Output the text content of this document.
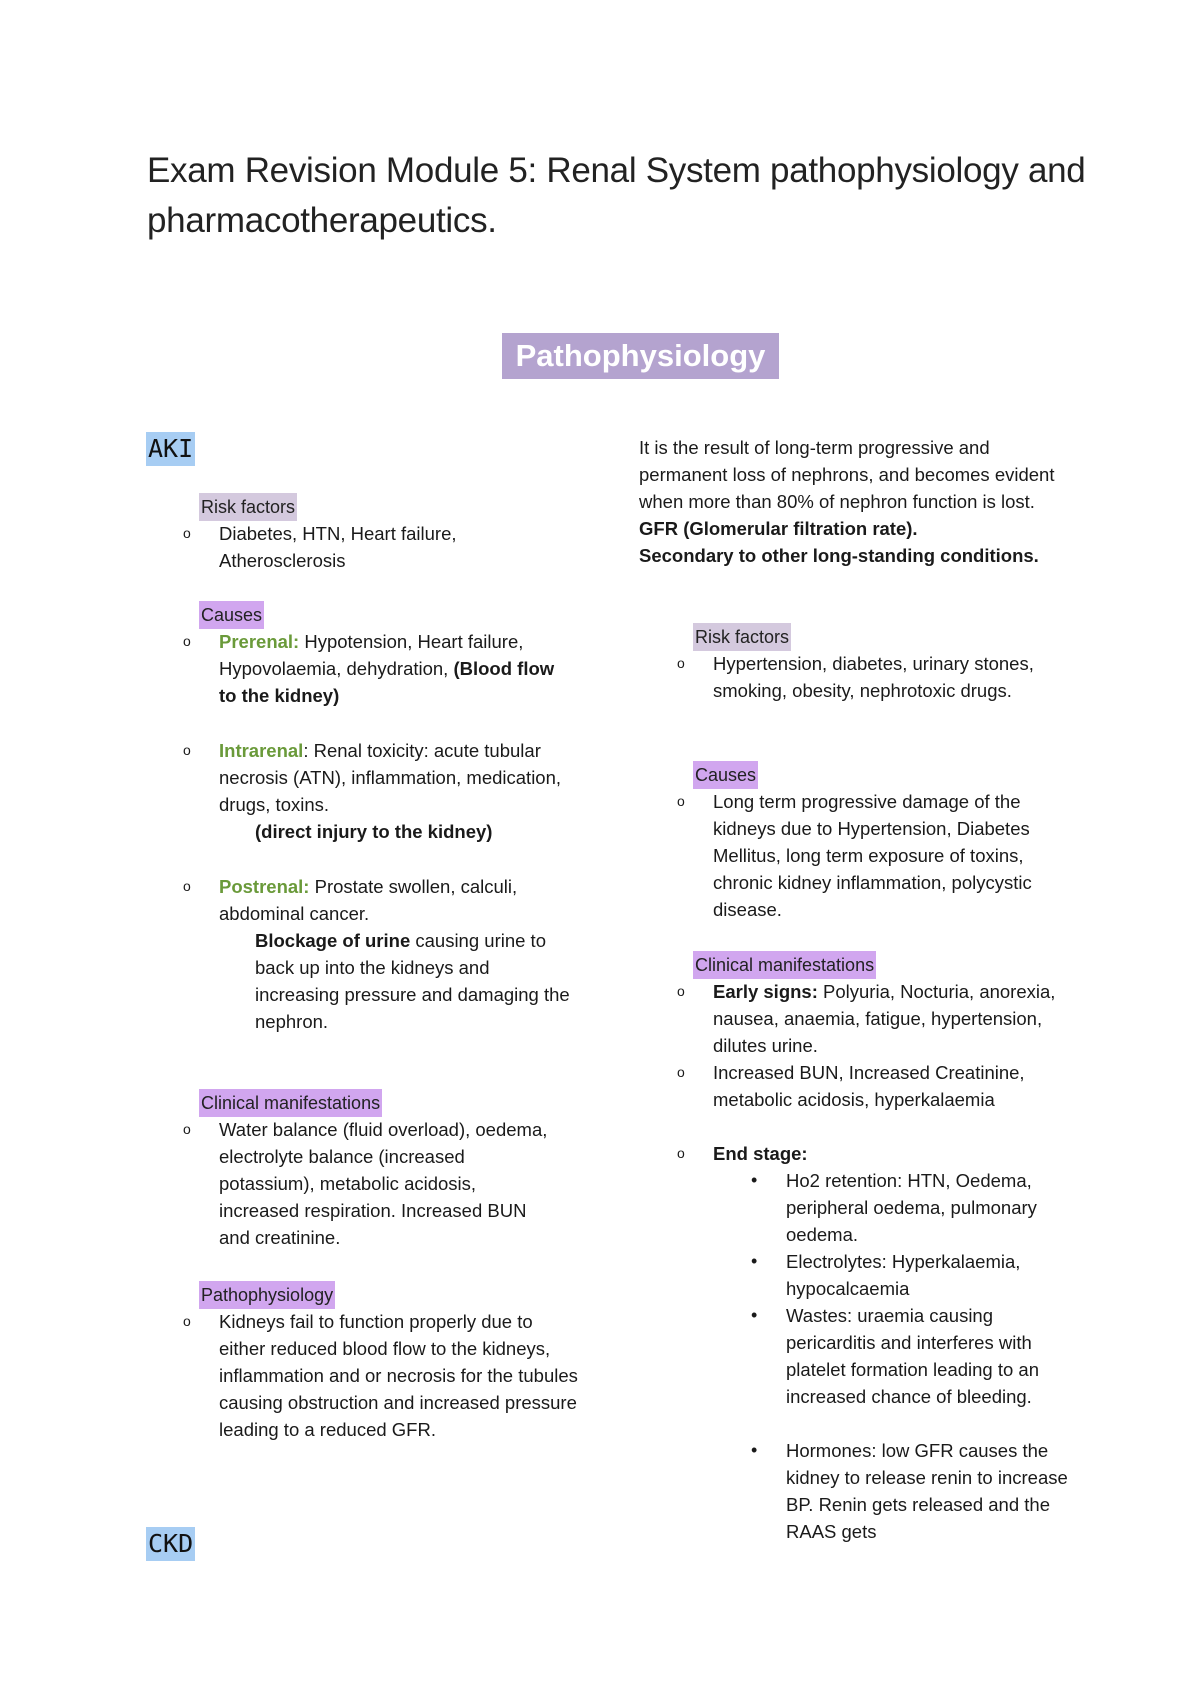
Exam Revision Module 5: Renal System pathophysiology and pharmacotherapeutics.
Pathophysiology
AKI
Risk factors
o Diabetes, HTN, Heart failure, Atherosclerosis
Causes
o Prerenal: Hypotension, Heart failure, Hypovolaemia, dehydration, (Blood flow to the kidney)
o Intrarenal: Renal toxicity: acute tubular necrosis (ATN), inflammation, medication, drugs, toxins.
(direct injury to the kidney)
o Postrenal: Prostate swollen, calculi, abdominal cancer.
Blockage of urine causing urine to back up into the kidneys and increasing pressure and damaging the nephron.
Clinical manifestations
o Water balance (fluid overload), oedema, electrolyte balance (increased potassium), metabolic acidosis, increased respiration. Increased BUN and creatinine.
Pathophysiology
o Kidneys fail to function properly due to either reduced blood flow to the kidneys, inflammation and or necrosis for the tubules causing obstruction and increased pressure leading to a reduced GFR.
CKD
It is the result of long-term progressive and permanent loss of nephrons, and becomes evident when more than 80% of nephron function is lost. GFR (Glomerular filtration rate).
Secondary to other long-standing conditions.
Risk factors
o Hypertension, diabetes, urinary stones, smoking, obesity, nephrotoxic drugs.
Causes
o Long term progressive damage of the kidneys due to Hypertension, Diabetes Mellitus, long term exposure of toxins, chronic kidney inflammation, polycystic disease.
Clinical manifestations
o Early signs: Polyuria, Nocturia, anorexia, nausea, anaemia, fatigue, hypertension, dilutes urine.
o Increased BUN, Increased Creatinine, metabolic acidosis, hyperkalaemia
o End stage:
• Ho2 retention: HTN, Oedema, peripheral oedema, pulmonary oedema.
• Electrolytes: Hyperkalaemia, hypocalcaemia
• Wastes: uraemia causing pericarditis and interferes with platelet formation leading to an increased chance of bleeding.
• Hormones: low GFR causes the kidney to release renin to increase BP. Renin gets released and the RAAS gets
